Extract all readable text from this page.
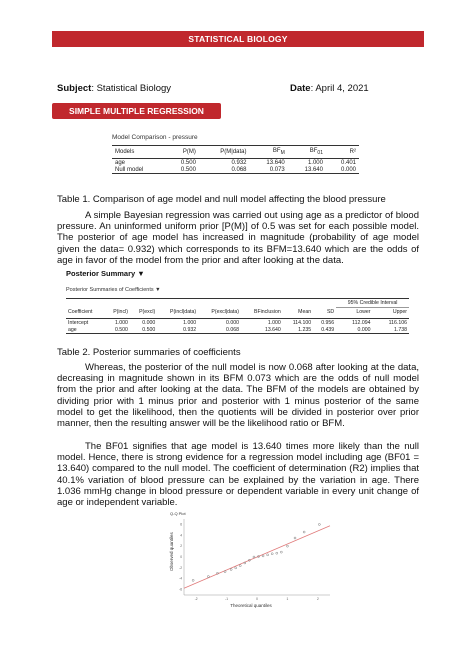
STATISTICAL BIOLOGY
Subject: Statistical Biology	Date: April 4, 2021
SIMPLE MULTIPLE REGRESSION
Model Comparison - pressure
Models	P(M)	P(M|data)	$BF_M$	$BF_{01}$	R²
age	0.500	0.932	13.640	1.000	0.401
Null model	0.500	0.068	0.073	13.640	0.000
Table 1. Comparison of age model and null model affecting the blood pressure

A simple Bayesian regression was carried out using age as a predictor of blood pressure. An uninformed uniform prior [P(M)] of 0.5 was set for each possible model. The posterior of age model has increased in magnitude (probability of age model given the data= 0.932) which corresponds to its BFM=13.640 which are the odds of age in favor of the model from the prior and after looking at the data.

Posterior Summary ▼
Posterior Summaries of Coefficients ▼
								95% Credible Interval	
Coefficient	P(incl)	P(excl)	P(incl|data)	P(excl|data)	BFinclusion	Mean	SD	Lower	Upper
Intercept	1.000	0.000	1.000	0.000	1.000	114.100	0.956	112.094	116.106
age	0.500	0.500	0.932	0.068	13.640	1.235	0.439	0.000	1.738
Table 2. Posterior summaries of coefficients

Whereas, the posterior of the null model is now 0.068 after looking at the data, decreasing in magnitude shown in its BFM 0.073 which are the odds of null model from the prior and after looking at the data. The BFM of the models are obtained by dividing prior with 1 minus prior and posterior with 1 minus posterior of the same model to get the likelihood, then the quotients will be divided in posterior over prior manner, then the resulting answer will be the likelihood ratio or BFM.

The BF01 signifies that age model is 13.640 times more likely than the null model. Hence, there is strong evidence for a regression model including age (BF01 = 13.640) compared to the null model. The coefficient of determination (R2) implies that 40.1% variation of blood pressure can be explained by the variation in age. There 1.036 mmHg change in blood pressure or dependent variable in every unit change of age or independent variable.

Q-Q Plot
Observed quantiles
Theoretical quantiles
-2	-1	0	1	2
6
4
2
0
-2
-4
-6
